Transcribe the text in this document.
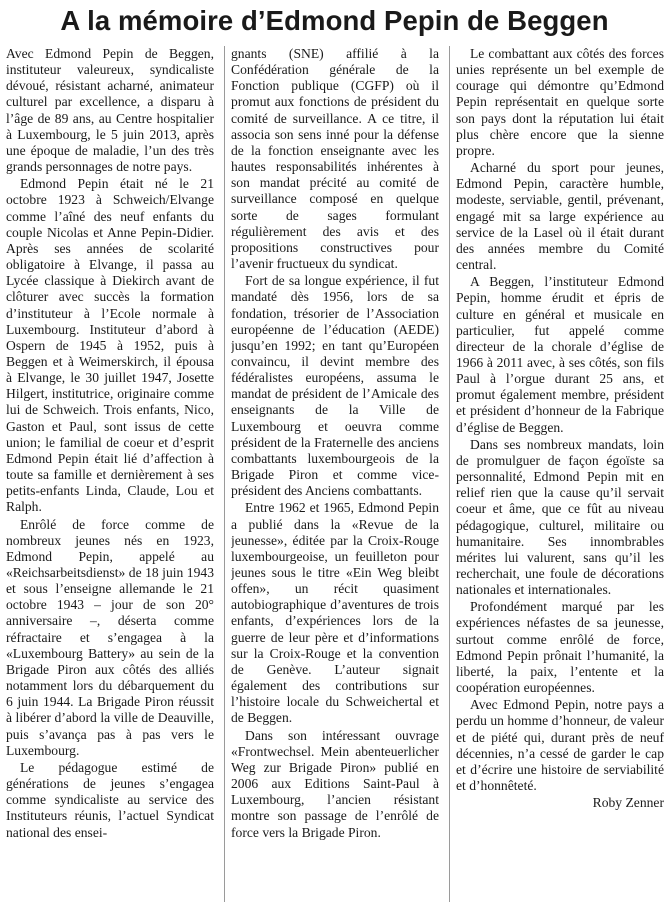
A la mémoire d’Edmond Pepin de Beggen

Avec Edmond Pepin de Beggen, instituteur valeureux, syndicaliste dévoué, résistant acharné, animateur culturel par excellence, a disparu à l’âge de 89 ans, au Centre hospitalier à Luxembourg, le 5 juin 2013, après une époque de maladie, l’un des très grands personnages de notre pays.

Edmond Pepin était né le 21 octobre 1923 à Schweich/Elvange comme l’aîné des neuf enfants du couple Nicolas et Anne Pepin-Didier. Après ses années de scolarité obligatoire à Elvange, il passa au Lycée classique à Diekirch avant de clôturer avec succès la formation d’instituteur à l’Ecole normale à Luxembourg. Instituteur d’abord à Ospern de 1945 à 1952, puis à Beggen et à Weimerskirch, il épousa à Elvange, le 30 juillet 1947, Josette Hilgert, institutrice, originaire comme lui de Schweich. Trois enfants, Nico, Gaston et Paul, sont issus de cette union; le familial de coeur et d’esprit Edmond Pepin était lié d’affection à toute sa famille et dernièrement à ses petits-enfants Linda, Claude, Lou et Ralph.

Enrôlé de force comme de nombreux jeunes nés en 1923, Edmond Pepin, appelé au «Reichsarbeitsdienst» de 18 juin 1943 et sous l’enseigne allemande le 21 octobre 1943 – jour de son 20° anniversaire –, déserta comme réfractaire et s’engagea à la «Luxembourg Battery» au sein de la Brigade Piron aux côtés des alliés notamment lors du débarquement du 6 juin 1944. La Brigade Piron réussit à libérer d’abord la ville de Deauville, puis s’avança pas à pas vers le Luxembourg.

Le pédagogue estimé de générations de jeunes s’engagea comme syndicaliste au service des Instituteurs réunis, l’actuel Syndicat national des ensei-

gnants (SNE) affilié à la Confédération générale de la Fonction publique (CGFP) où il promut aux fonctions de président du comité de surveillance. A ce titre, il associa son sens inné pour la défense de la fonction enseignante avec les hautes responsabilités inhérentes à son mandat précité au comité de surveillance composé en quelque sorte de sages formulant régulièrement des avis et des propositions constructives pour l’avenir fructueux du syndicat.

Fort de sa longue expérience, il fut mandaté dès 1956, lors de sa fondation, trésorier de l’Association européenne de l’éducation (AEDE) jusqu’en 1992; en tant qu’Européen convaincu, il devint membre des fédéralistes européens, assuma le mandat de président de l’Amicale des enseignants de la Ville de Luxembourg et oeuvra comme président de la Fraternelle des anciens combattants luxembourgeois de la Brigade Piron et comme vice-président des Anciens combattants.

Entre 1962 et 1965, Edmond Pepin a publié dans la «Revue de la jeunesse», éditée par la Croix-Rouge luxembourgeoise, un feuilleton pour jeunes sous le titre «Ein Weg bleibt offen», un récit quasiment autobiographique d’aventures de trois enfants, d’expériences lors de la guerre de leur père et d’informations sur la Croix-Rouge et la convention de Genève. L’auteur signait également des contributions sur l’histoire locale du Schweichertal et de Beggen.

Dans son intéressant ouvrage «Frontwechsel. Mein abenteuerlicher Weg zur Brigade Piron» publié en 2006 aux Editions Saint-Paul à Luxembourg, l’ancien résistant montre son passage de l’enrôlé de force vers la Brigade Piron.

Le combattant aux côtés des forces unies représente un bel exemple de courage qui démontre qu’Edmond Pepin représentait en quelque sorte son pays dont la réputation lui était plus chère encore que la sienne propre.

Acharné du sport pour jeunes, Edmond Pepin, caractère humble, modeste, serviable, gentil, prévenant, engagé mit sa large expérience au service de la Lasel où il était durant des années membre du Comité central.

A Beggen, l’instituteur Edmond Pepin, homme érudit et épris de culture en général et musicale en particulier, fut appelé comme directeur de la chorale d’église de 1966 à 2011 avec, à ses côtés, son fils Paul à l’orgue durant 25 ans, et promut également membre, président et président d’honneur de la Fabrique d’église de Beggen.

Dans ses nombreux mandats, loin de promulguer de façon égoïste sa personnalité, Edmond Pepin mit en relief rien que la cause qu’il servait coeur et âme, que ce fût au niveau pédagogique, culturel, militaire ou humanitaire. Ses innombrables mérites lui valurent, sans qu’il les recherchait, une foule de décorations nationales et internationales.

Profondément marqué par les expériences néfastes de sa jeunesse, surtout comme enrôlé de force, Edmond Pepin prônait l’humanité, la liberté, la paix, l’entente et la coopération européennes.

Avec Edmond Pepin, notre pays a perdu un homme d’honneur, de valeur et de piété qui, durant près de neuf décennies, n’a cessé de garder le cap et d’écrire une histoire de serviabilité et d’honnêteté.

Roby Zenner
